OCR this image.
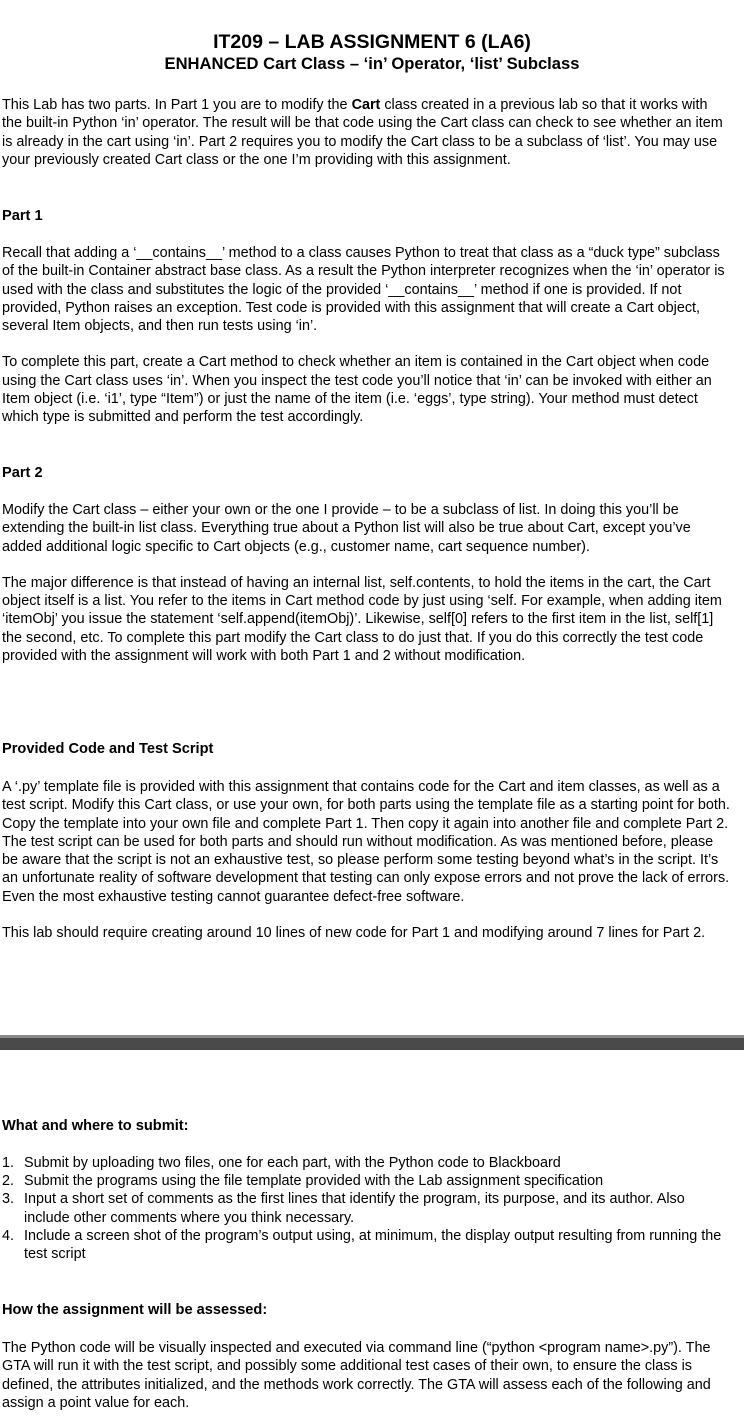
IT209 – LAB ASSIGNMENT 6 (LA6)
ENHANCED Cart Class – ‘in’ Operator, ‘list’ Subclass

This Lab has two parts. In Part 1 you are to modify the Cart class created in a previous lab so that it works with the built-in Python ‘in’ operator. The result will be that code using the Cart class can check to see whether an item is already in the cart using ‘in’. Part 2 requires you to modify the Cart class to be a subclass of ‘list’. You may use your previously created Cart class or the one I’m providing with this assignment.

Part 1

Recall that adding a ‘__contains__’ method to a class causes Python to treat that class as a “duck type” subclass of the built-in Container abstract base class. As a result the Python interpreter recognizes when the ‘in’ operator is used with the class and substitutes the logic of the provided ‘__contains__’ method if one is provided. If not provided, Python raises an exception. Test code is provided with this assignment that will create a Cart object, several Item objects, and then run tests using ‘in’.

To complete this part, create a Cart method to check whether an item is contained in the Cart object when code using the Cart class uses ‘in’. When you inspect the test code you’ll notice that ‘in’ can be invoked with either an Item object (i.e. ‘i1’, type “Item”) or just the name of the item (i.e. ‘eggs’, type string). Your method must detect which type is submitted and perform the test accordingly.

Part 2

Modify the Cart class – either your own or the one I provide – to be a subclass of list. In doing this you’ll be extending the built-in list class. Everything true about a Python list will also be true about Cart, except you’ve added additional logic specific to Cart objects (e.g., customer name, cart sequence number).

The major difference is that instead of having an internal list, self.contents, to hold the items in the cart, the Cart object itself is a list. You refer to the items in Cart method code by just using ‘self. For example, when adding item ‘itemObj’ you issue the statement ‘self.append(itemObj)’. Likewise, self[0] refers to the first item in the list, self[1] the second, etc. To complete this part modify the Cart class to do just that. If you do this correctly the test code provided with the assignment will work with both Part 1 and 2 without modification.

Provided Code and Test Script

A ‘.py’ template file is provided with this assignment that contains code for the Cart and item classes, as well as a test script. Modify this Cart class, or use your own, for both parts using the template file as a starting point for both. Copy the template into your own file and complete Part 1. Then copy it again into another file and complete Part 2. The test script can be used for both parts and should run without modification. As was mentioned before, please be aware that the script is not an exhaustive test, so please perform some testing beyond what’s in the script. It’s an unfortunate reality of software development that testing can only expose errors and not prove the lack of errors. Even the most exhaustive testing cannot guarantee defect-free software.

This lab should require creating around 10 lines of new code for Part 1 and modifying around 7 lines for Part 2.

What and where to submit:
1. Submit by uploading two files, one for each part, with the Python code to Blackboard
2. Submit the programs using the file template provided with the Lab assignment specification
3. Input a short set of comments as the first lines that identify the program, its purpose, and its author. Also include other comments where you think necessary.
4. Include a screen shot of the program’s output using, at minimum, the display output resulting from running the test script
How the assignment will be assessed:

The Python code will be visually inspected and executed via command line (“python <program name>.py”). The GTA will run it with the test script, and possibly some additional test cases of their own, to ensure the class is defined, the attributes initialized, and the methods work correctly. The GTA will assess each of the following and assign a point value for each.
